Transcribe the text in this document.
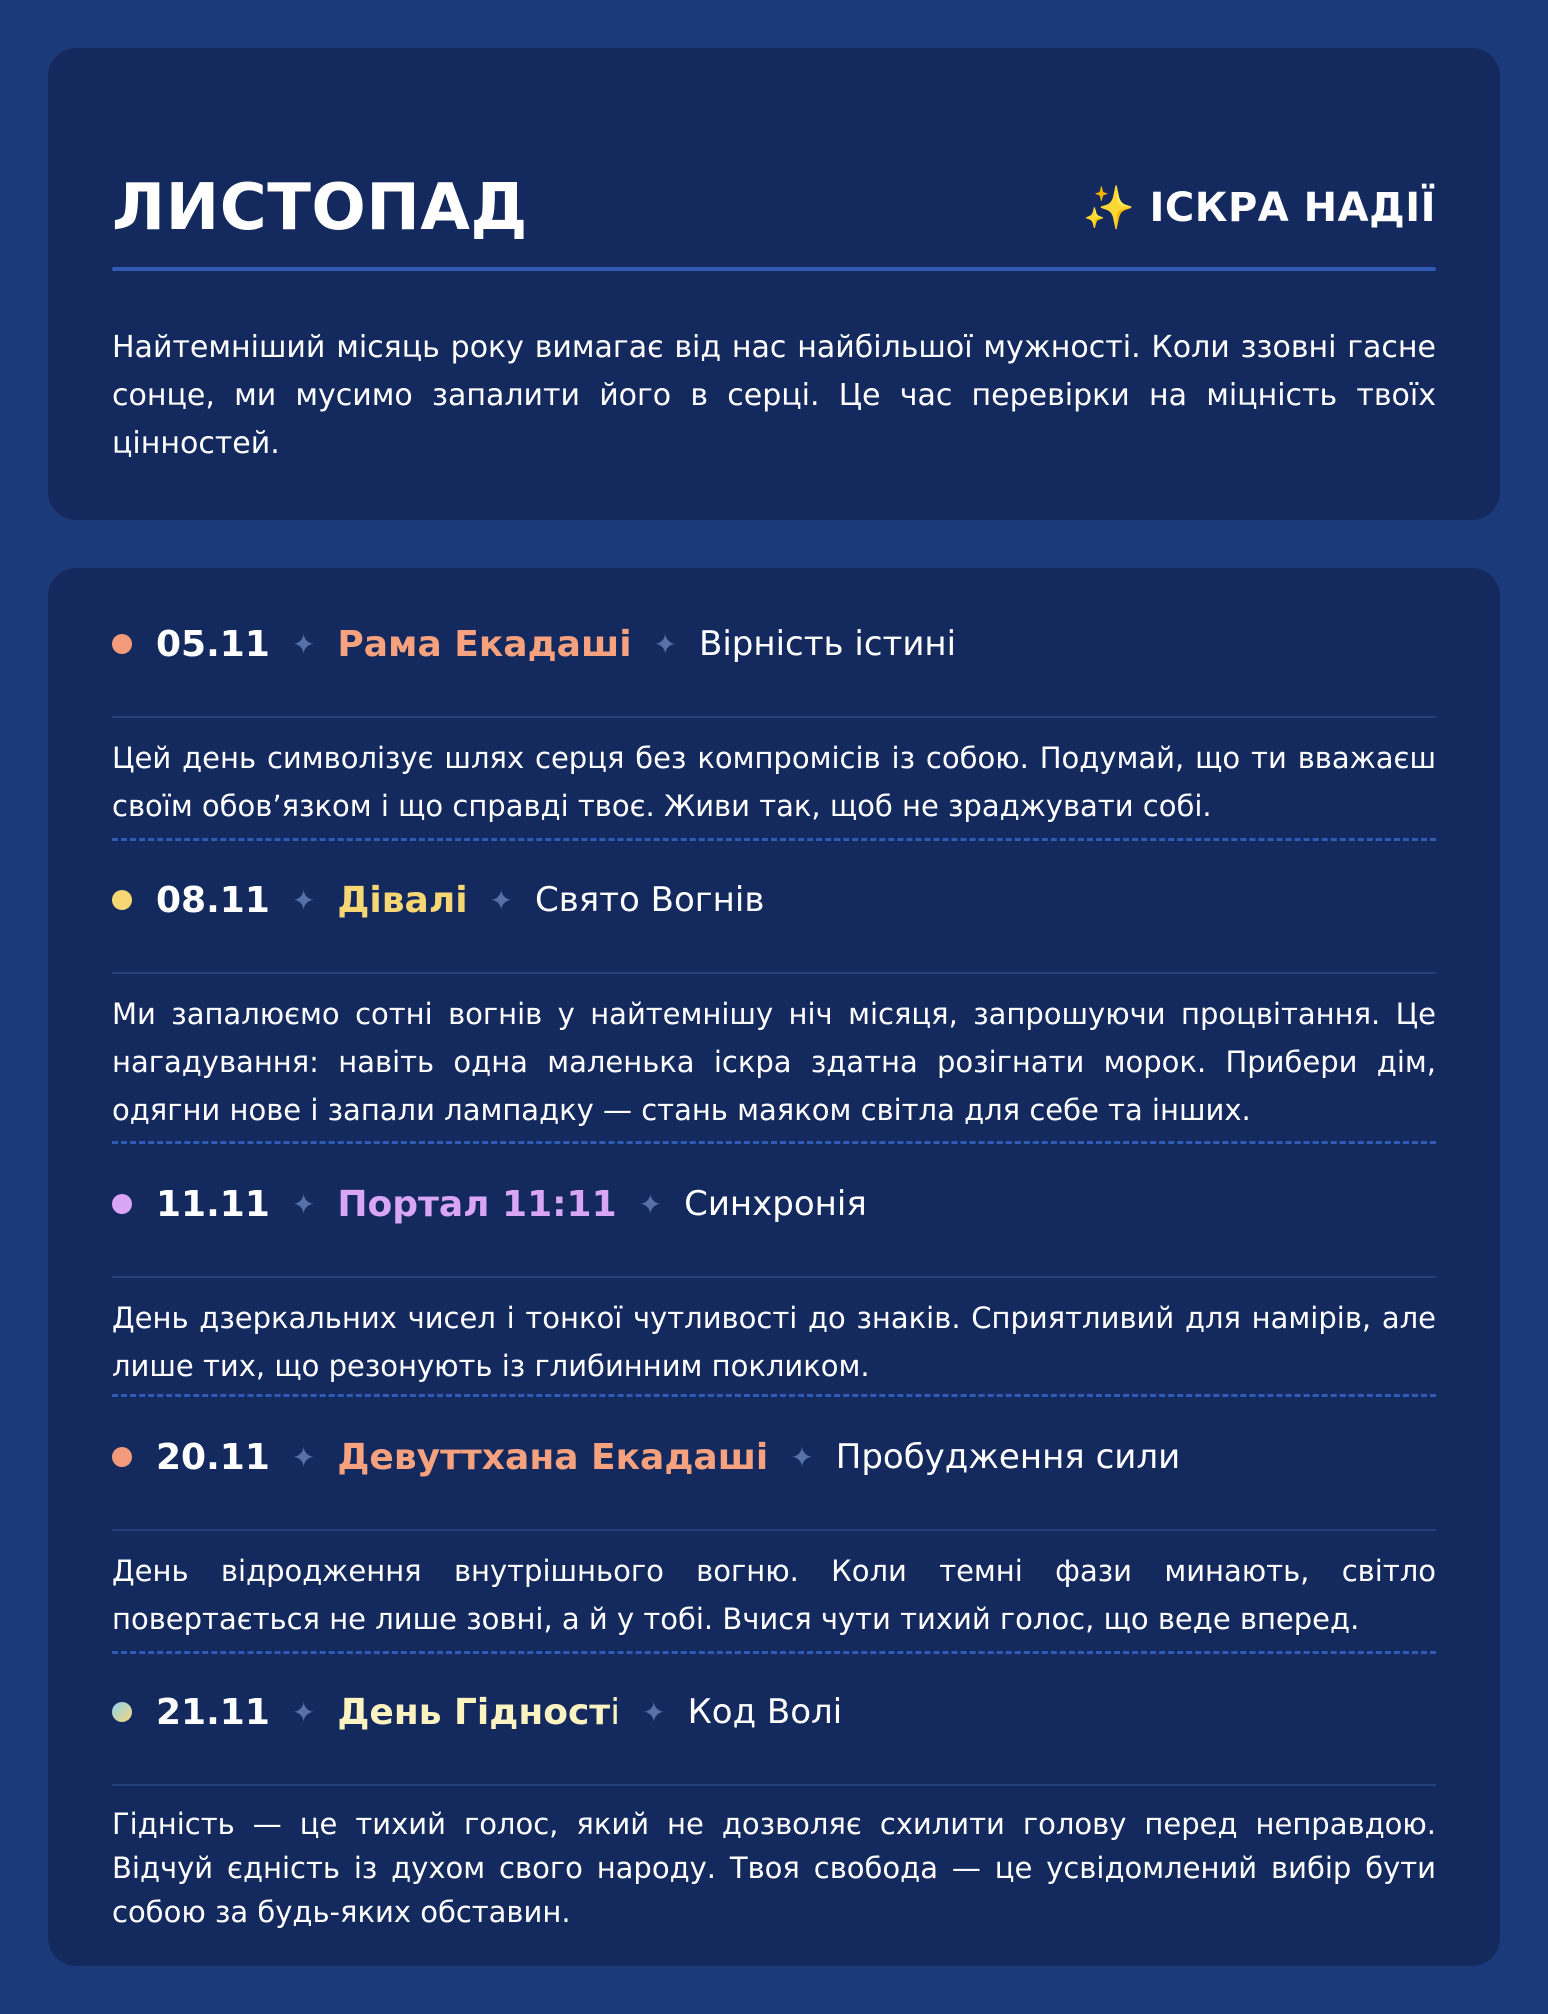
ЛИСТОПАД	✨ ІСКРА НАДІЇ

Найтемніший місяць року вимагає від нас найбільшої мужності. Коли ззовні гасне сонце, ми мусимо запалити його в серці. Це час перевірки на міцність твоїх цінностей.

05.11 ✦ Рама Екадаші ✦ Вірність істині

Цей день символізує шлях серця без компромісів із собою. Подумай, що ти вважаєш своїм обов’язком і що справді твоє. Живи так, щоб не зраджувати собі.

08.11 ✦ Дівалі ✦ Свято Вогнів

Ми запалюємо сотні вогнів у найтемнішу ніч місяця, запрошуючи процвітання. Це нагадування: навіть одна маленька іскра здатна розігнати морок. Прибери дім, одягни нове і запали лампадку — стань маяком світла для себе та інших.

11.11 ✦ Портал 11:11 ✦ Синхронія

День дзеркальних чисел і тонкої чутливості до знаків. Сприятливий для намірів, але лише тих, що резонують із глибинним покликом.

20.11 ✦ Девуттхана Екадаші ✦ Пробудження сили

День відродження внутрішнього вогню. Коли темні фази минають, світло повертається не лише зовні, а й у тобі. Вчися чути тихий голос, що веде вперед.

21.11 ✦ День Гідності ✦ Код Волі

Гідність — це тихий голос, який не дозволяє схилити голову перед неправдою. Відчуй єдність із духом свого народу. Твоя свобода — це усвідомлений вибір бути собою за будь-яких обставин.
